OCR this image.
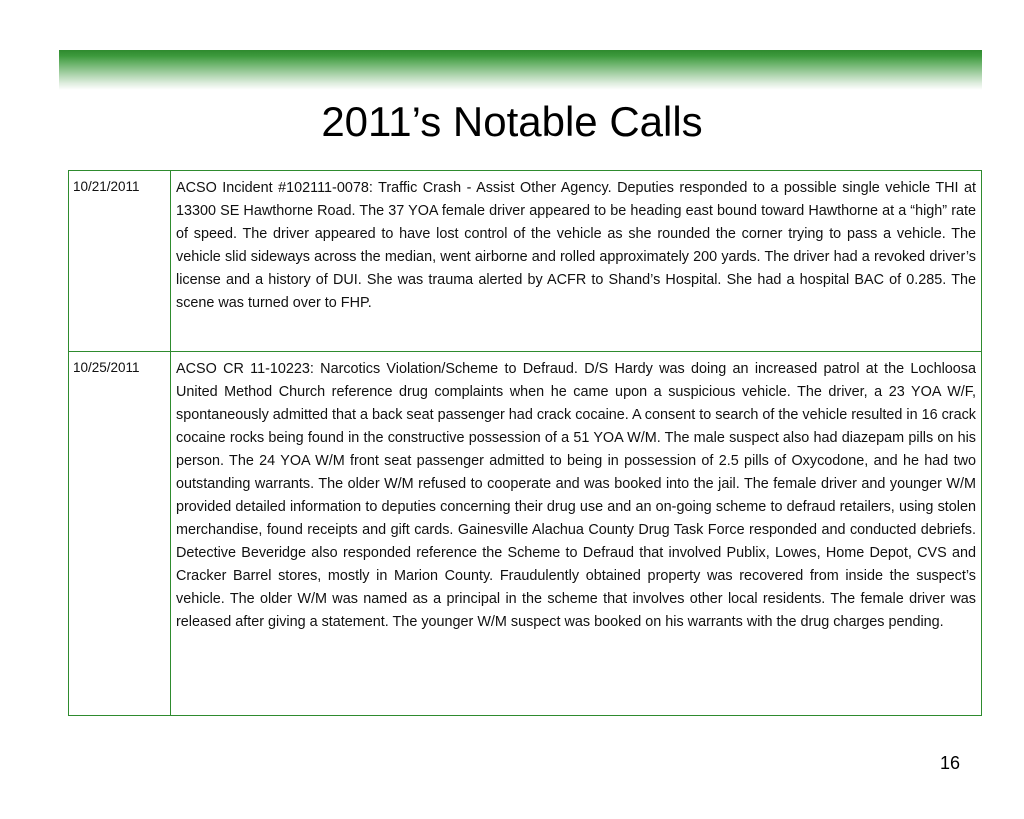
2011’s Notable Calls
10/21/2011	ACSO Incident #102111-0078: Traffic Crash - Assist Other Agency. Deputies responded to a possible single vehicle THI at 13300 SE Hawthorne Road. The 37 YOA female driver appeared to be heading east bound toward Hawthorne at a “high” rate of speed. The driver appeared to have lost control of the vehicle as she rounded the corner trying to pass a vehicle. The vehicle slid sideways across the median, went airborne and rolled approximately 200 yards. The driver had a revoked driver’s license and a history of DUI. She was trauma alerted by ACFR to Shand’s Hospital. She had a hospital BAC of 0.285. The scene was turned over to FHP.
10/25/2011	ACSO CR 11-10223: Narcotics Violation/Scheme to Defraud. D/S Hardy was doing an increased patrol at the Lochloosa United Method Church reference drug complaints when he came upon a suspicious vehicle. The driver, a 23 YOA W/F, spontaneously admitted that a back seat passenger had crack cocaine. A consent to search of the vehicle resulted in 16 crack cocaine rocks being found in the constructive possession of a 51 YOA W/M. The male suspect also had diazepam pills on his person. The 24 YOA W/M front seat passenger admitted to being in possession of 2.5 pills of Oxycodone, and he had two outstanding warrants. The older W/M refused to cooperate and was booked into the jail. The female driver and younger W/M provided detailed information to deputies concerning their drug use and an on-going scheme to defraud retailers, using stolen merchandise, found receipts and gift cards. Gainesville Alachua County Drug Task Force responded and conducted debriefs. Detective Beveridge also responded reference the Scheme to Defraud that involved Publix, Lowes, Home Depot, CVS and Cracker Barrel stores, mostly in Marion County. Fraudulently obtained property was recovered from inside the suspect’s vehicle. The older W/M was named as a principal in the scheme that involves other local residents. The female driver was released after giving a statement. The younger W/M suspect was booked on his warrants with the drug charges pending.
16
